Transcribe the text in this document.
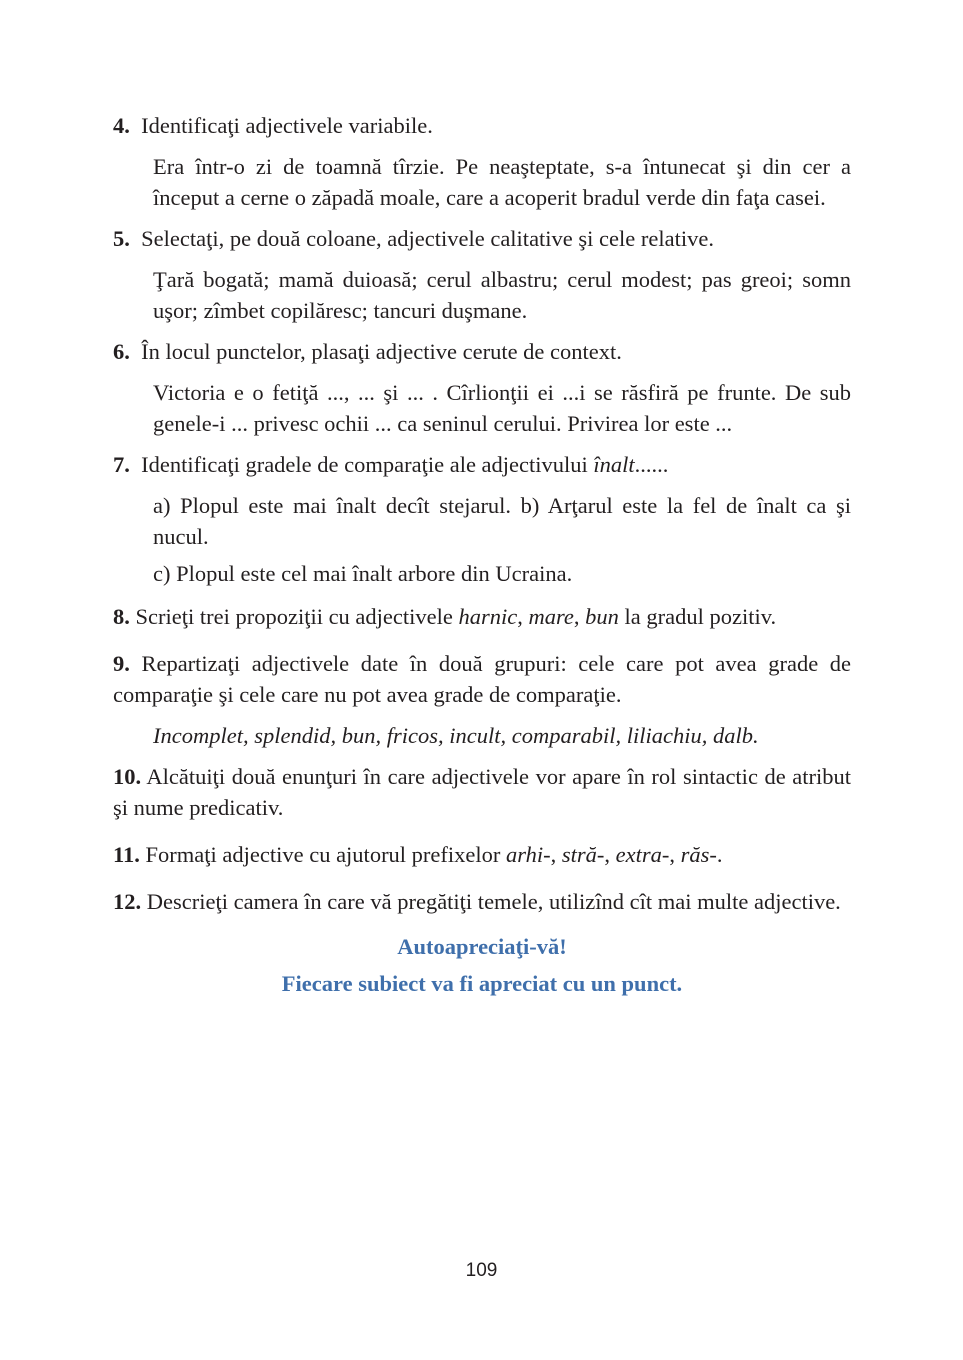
4. Identificaţi adjectivele variabile.

Era într-o zi de toamnă tîrzie. Pe neaşteptate, s-a întunecat şi din cer a început a cerne o zăpadă moale, care a acoperit bradul verde din faţa casei.

5. Selectaţi, pe două coloane, adjectivele calitative şi cele relative.

Ţară bogată; mamă duioasă; cerul albastru; cerul modest; pas greoi; somn uşor; zîmbet copilăresc; tancuri duşmane.

6. În locul punctelor, plasaţi adjective cerute de context.

Victoria e o fetiţă ..., ... şi ... . Cîrlionţii ei ...i se răsfiră pe frunte. De sub genele-i ... privesc ochii ... ca seninul cerului. Privirea lor este ...

7. Identificaţi gradele de comparaţie ale adjectivului înalt......

a) Plopul este mai înalt decît stejarul. b) Arţarul este la fel de înalt ca şi nucul.

c) Plopul este cel mai înalt arbore din Ucraina.

8. Scrieţi trei propoziţii cu adjectivele harnic, mare, bun la gradul pozitiv.

9. Repartizaţi adjectivele date în două grupuri: cele care pot avea grade de comparaţie şi cele care nu pot avea grade de comparaţie.

Incomplet, splendid, bun, fricos, incult, comparabil, liliachiu, dalb.

10. Alcătuiţi două enunţuri în care adjectivele vor apare în rol sintactic de atribut şi nume predicativ.

11. Formaţi adjective cu ajutorul prefixelor arhi-, stră-, extra-, răs-.

12. Descrieţi camera în care vă pregătiţi temele, utilizînd cît mai multe adjective.

Autoapreciaţi-vă!

Fiecare subiect va fi apreciat cu un punct.

109
